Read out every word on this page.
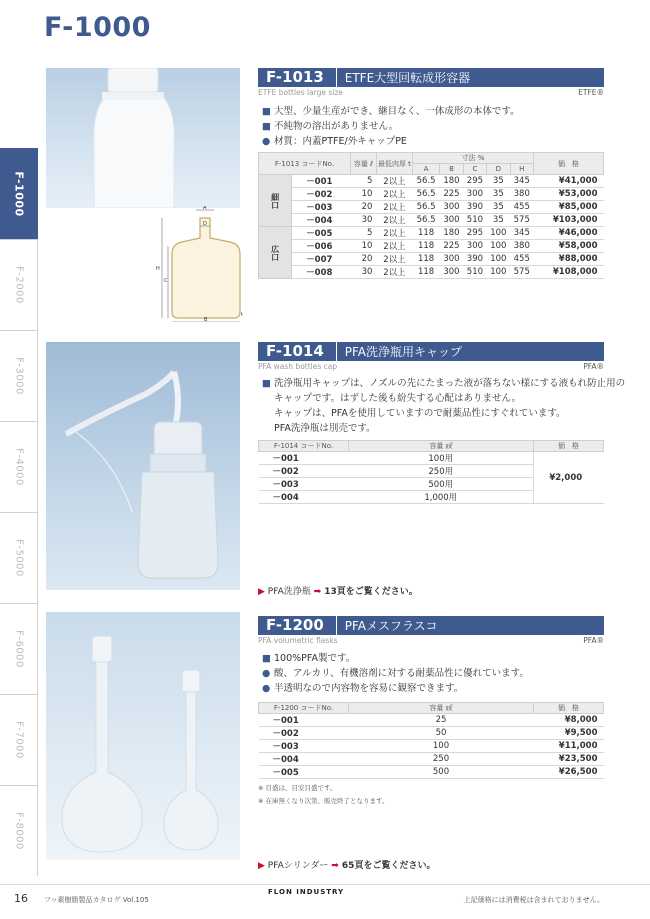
F-1000
F-1000
F-2000
F-3000
F-4000
F-5000
F-6000
F-7000
F-8000
A
D
H
C
B
t
F-1013	ETFE大型回転成形容器
ETFE bottles large size	ETFE®
■ 大型、少量生産ができ、継目なく、一体成形の本体です。
■ 不純物の溶出がありません。
● 材質：内蓋PTFE/外キャップPE
F-1013 コードNo.		容量 ℓ	最低肉厚 t	寸法 %					価　格
				A	B	C	D	H	
細口	－001	5	2以上	56.5	180	295	35	345	¥41,000
	－002	10	2以上	56.5	225	300	35	380	¥53,000
	－003	20	2以上	56.5	300	390	35	455	¥85,000
	－004	30	2以上	56.5	300	510	35	575	¥103,000
広口	－005	5	2以上	118	180	295	100	345	¥46,000
	－006	10	2以上	118	225	300	100	380	¥58,000
	－007	20	2以上	118	300	390	100	455	¥88,000
	－008	30	2以上	118	300	510	100	575	¥108,000
F-1014	PFA洗浄瓶用キャップ
PFA wash bottles cap	PFA®
■ 洗浄瓶用キャップは、ノズルの先にたまった液が落ちない様にする液もれ防止用の
キャップです。はずした後も紛失する心配はありません。
キャップは、PFAを使用していますので耐薬品性にすぐれています。
PFA洗浄瓶は別売です。
F-1014 コードNo.	容量 ㎖	価　格
－001	100用	¥2,000
－002	250用	
－003	500用	
－004	1,000用	
▶ PFA洗浄瓶 ➡ 13頁をご覧ください。
F-1200	PFAメスフラスコ
PFA volumetric flasks	PFA®
■ 100%PFA製です。
● 酸、アルカリ、有機溶剤に対する耐薬品性に優れています。
● 半透明なので内容物を容易に観察できます。
F-1200 コードNo.	容量 ㎖	価　格
－001	25	¥8,000
－002	50	¥9,500
－003	100	¥11,000
－004	250	¥23,500
－005	500	¥26,500
※ 目盛は、目安目盛です。
※ 在庫無くなり次第、販売終了となります。
▶ PFAシリンダー ➡ 65頁をご覧ください。
16 フッ素樹脂製品カタログ Vol.105
FLON INDUSTRY
上記価格には消費税は含まれておりません。
